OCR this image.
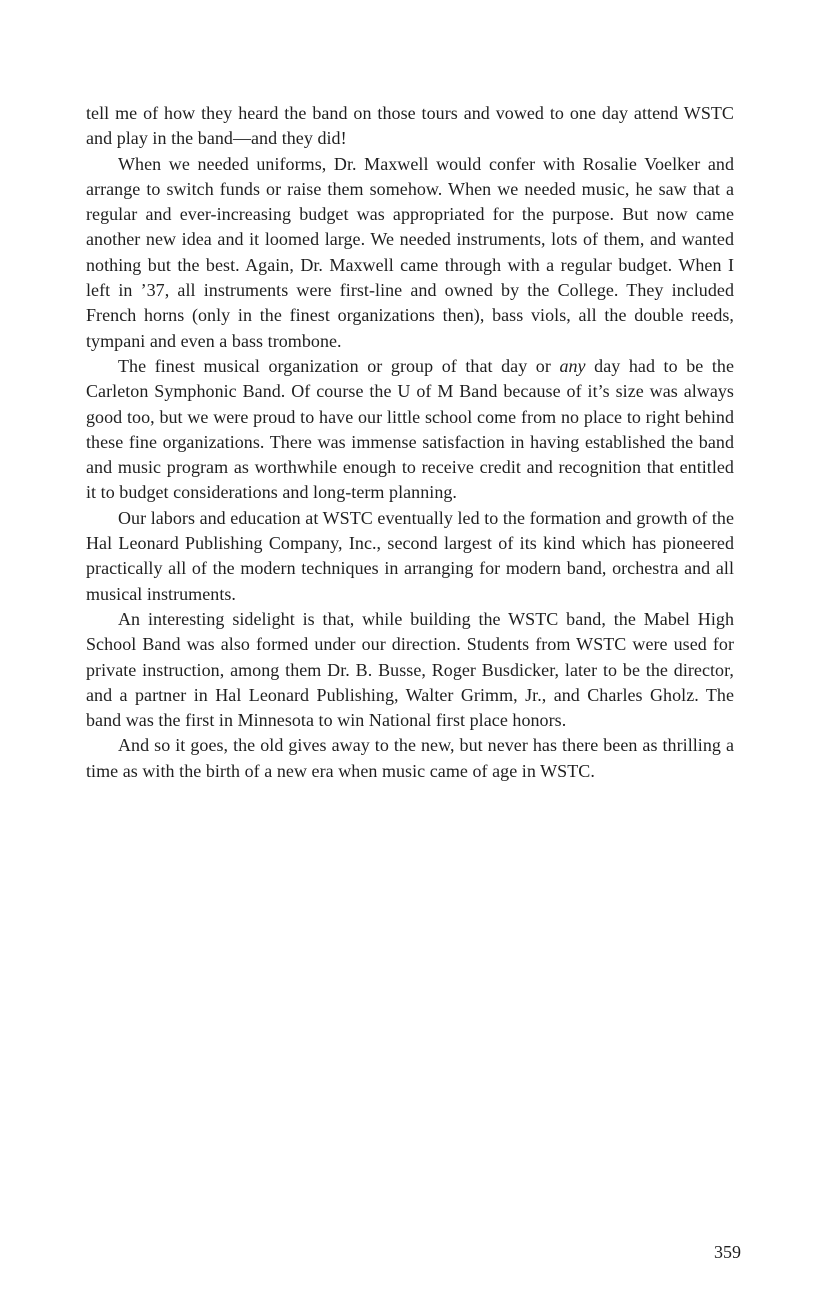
tell me of how they heard the band on those tours and vowed to one day attend WSTC and play in the band—and they did!

When we needed uniforms, Dr. Maxwell would confer with Rosalie Voelker and arrange to switch funds or raise them somehow. When we needed music, he saw that a regular and ever-increasing budget was appropriated for the purpose. But now came another new idea and it loomed large. We needed instruments, lots of them, and wanted nothing but the best. Again, Dr. Maxwell came through with a regular budget. When I left in ’37, all instruments were first-line and owned by the College. They included French horns (only in the finest organizations then), bass viols, all the double reeds, tympani and even a bass trombone.

The finest musical organization or group of that day or any day had to be the Carleton Symphonic Band. Of course the U of M Band because of it’s size was always good too, but we were proud to have our little school come from no place to right behind these fine organizations. There was immense satisfaction in having established the band and music program as worthwhile enough to receive credit and recognition that entitled it to budget considerations and long-term planning.

Our labors and education at WSTC eventually led to the formation and growth of the Hal Leonard Publishing Company, Inc., second largest of its kind which has pioneered practically all of the modern techniques in arranging for modern band, orchestra and all musical instruments.

An interesting sidelight is that, while building the WSTC band, the Mabel High School Band was also formed under our direction. Students from WSTC were used for private instruction, among them Dr. B. Busse, Roger Busdicker, later to be the director, and a partner in Hal Leonard Publishing, Walter Grimm, Jr., and Charles Gholz. The band was the first in Minnesota to win National first place honors.

And so it goes, the old gives away to the new, but never has there been as thrilling a time as with the birth of a new era when music came of age in WSTC.

359
